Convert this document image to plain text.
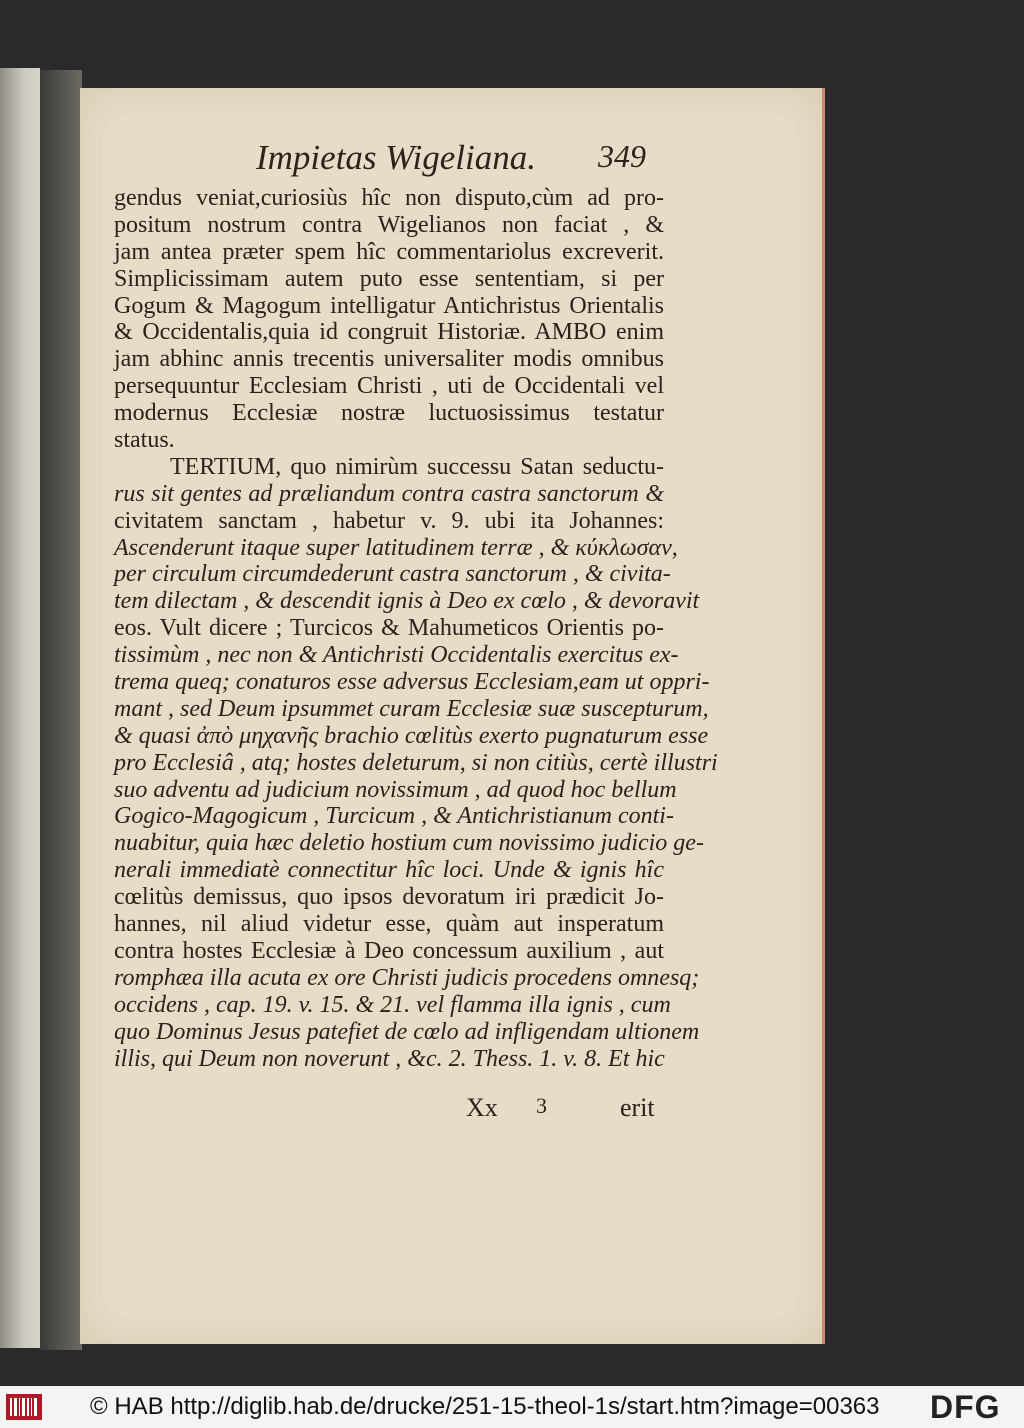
Impietas Wigeliana.	349
gendus veniat,curiosiùs hîc non disputo,cùm ad pro-
positum nostrum contra Wigelianos non faciat , &
jam antea præter spem hîc commentariolus excreverit.
Simplicissimam autem puto esse sententiam, si per
Gogum & Magogum intelligatur Antichristus Orientalis
& Occidentalis,quia id congruit Historiæ. AMBO enim
jam abhinc annis trecentis universaliter modis omnibus
persequuntur Ecclesiam Christi , uti de Occidentali vel
modernus Ecclesiæ nostræ luctuosissimus testatur
status.
TERTIUM, quo nimirùm successu Satan seductu-
rus sit gentes ad præliandum contra castra sanctorum &
civitatem sanctam , habetur v. 9. ubi ita Johannes:
Ascenderunt itaque super latitudinem terræ , & κύκλωσαν,
per circulum circumdederunt castra sanctorum , & civita-
tem dilectam , & descendit ignis à Deo ex cœlo , & devoravit
eos. Vult dicere ; Turcicos & Mahumeticos Orientis po-
tissimùm , nec non & Antichristi Occidentalis exercitus ex-
trema queq; conaturos esse adversus Ecclesiam,eam ut oppri-
mant , sed Deum ipsummet curam Ecclesiæ suæ suscepturum,
& quasi ἀπὸ μηχανῆς brachio cœlitùs exerto pugnaturum esse
pro Ecclesiâ , atq; hostes deleturum, si non citiùs, certè illustri
suo adventu ad judicium novissimum , ad quod hoc bellum
Gogico-Magogicum , Turcicum , & Antichristianum conti-
nuabitur, quia hæc deletio hostium cum novissimo judicio ge-
nerali immediatè connectitur hîc loci. Unde & ignis hîc
cœlitùs demissus, quo ipsos devoratum iri prædicit Jo-
hannes, nil aliud videtur esse, quàm aut insperatum
contra hostes Ecclesiæ à Deo concessum auxilium , aut
romphæa illa acuta ex ore Christi judicis procedens omnesq;
occidens , cap. 19. v. 15. & 21. vel flamma illa ignis , cum
quo Dominus Jesus patefiet de cœlo ad infligendam ultionem
illis, qui Deum non noverunt , &c. 2. Thess. 1. v. 8. Et hic
Xx 3	erit
© HAB http://diglib.hab.de/drucke/251-15-theol-1s/start.htm?image=00363 DFG
